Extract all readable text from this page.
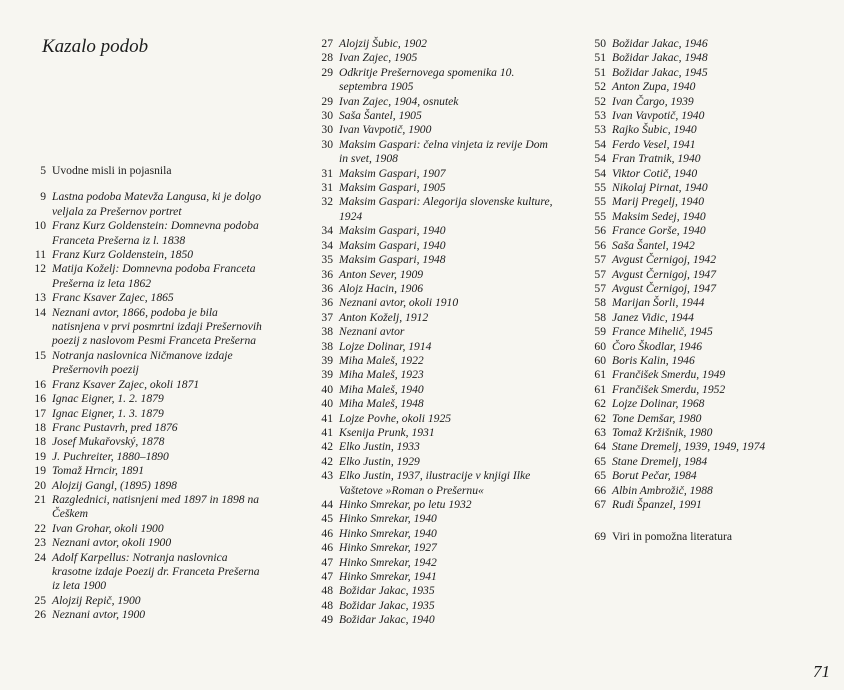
Kazalo podob
5 Uvodne misli in pojasnila
9 Lastna podoba Matevža Langusa, ki je dolgo veljala za Prešernov portret
10 Franz Kurz Goldenstein: Domnevna podoba Franceta Prešerna iz l. 1838
11 Franz Kurz Goldenstein, 1850
12 Matija Koželj: Domnevna podoba Franceta Prešerna iz leta 1862
13 Franc Ksaver Zajec, 1865
14 Neznani avtor, 1866, podoba je bila natisnjena v prvi posmrtni izdaji Prešernovih poezij z naslovom Pesmi Franceta Prešerna
15 Notranja naslovnica Ničmanove izdaje Prešernovih poezij
16 Franz Ksaver Zajec, okoli 1871
16 Ignac Eigner, 1. 2. 1879
17 Ignac Eigner, 1. 3. 1879
18 Franc Pustavrh, pred 1876
18 Josef Mukařovský, 1878
19 J. Puchreiter, 1880–1890
19 Tomaž Hrncir, 1891
20 Alojzij Gangl, (1895) 1898
21 Razglednici, natisnjeni med 1897 in 1898 na Češkem
22 Ivan Grohar, okoli 1900
23 Neznani avtor, okoli 1900
24 Adolf Karpellus: Notranja naslovnica krasotne izdaje Poezij dr. Franceta Prešerna iz leta 1900
25 Alojzij Repič, 1900
26 Neznani avtor, 1900
27 Alojzij Šubic, 1902
28 Ivan Zajec, 1905
29 Odkritje Prešernovega spomenika 10. septembra 1905
29 Ivan Zajec, 1904, osnutek
30 Saša Šantel, 1905
30 Ivan Vavpotič, 1900
30 Maksim Gaspari: čelna vinjeta iz revije Dom in svet, 1908
31 Maksim Gaspari, 1907
31 Maksim Gaspari, 1905
32 Maksim Gaspari: Alegorija slovenske kulture, 1924
34 Maksim Gaspari, 1940
34 Maksim Gaspari, 1940
35 Maksim Gaspari, 1948
36 Anton Sever, 1909
36 Alojz Hacin, 1906
36 Neznani avtor, okoli 1910
37 Anton Koželj, 1912
38 Neznani avtor
38 Lojze Dolinar, 1914
39 Miha Maleš, 1922
39 Miha Maleš, 1923
40 Miha Maleš, 1940
40 Miha Maleš, 1948
41 Lojze Povhe, okoli 1925
41 Ksenija Prunk, 1931
42 Elko Justin, 1933
42 Elko Justin, 1929
43 Elko Justin, 1937, ilustracije v knjigi Ilke Vaštetove »Roman o Prešernu«
44 Hinko Smrekar, po letu 1932
45 Hinko Smrekar, 1940
46 Hinko Smrekar, 1940
46 Hinko Smrekar, 1927
47 Hinko Smrekar, 1942
47 Hinko Smrekar, 1941
48 Božidar Jakac, 1935
48 Božidar Jakac, 1935
49 Božidar Jakac, 1940
50 Božidar Jakac, 1946
51 Božidar Jakac, 1948
51 Božidar Jakac, 1945
52 Anton Zupa, 1940
52 Ivan Čargo, 1939
53 Ivan Vavpotič, 1940
53 Rajko Šubic, 1940
54 Ferdo Vesel, 1941
54 Fran Tratnik, 1940
54 Viktor Cotič, 1940
55 Nikolaj Pirnat, 1940
55 Marij Pregelj, 1940
55 Maksim Sedej, 1940
56 France Gorše, 1940
56 Saša Šantel, 1942
57 Avgust Černigoj, 1942
57 Avgust Černigoj, 1947
57 Avgust Černigoj, 1947
58 Marijan Šorli, 1944
58 Janez Vidic, 1944
59 France Mihelič, 1945
60 Čoro Škodlar, 1946
60 Boris Kalin, 1946
61 Frančišek Smerdu, 1949
61 Frančišek Smerdu, 1952
62 Lojze Dolinar, 1968
62 Tone Demšar, 1980
63 Tomaž Kržišnik, 1980
64 Stane Dremelj, 1939, 1949, 1974
65 Stane Dremelj, 1984
65 Borut Pečar, 1984
66 Albin Ambrožič, 1988
67 Rudi Španzel, 1991
69 Viri in pomožna literatura
71
